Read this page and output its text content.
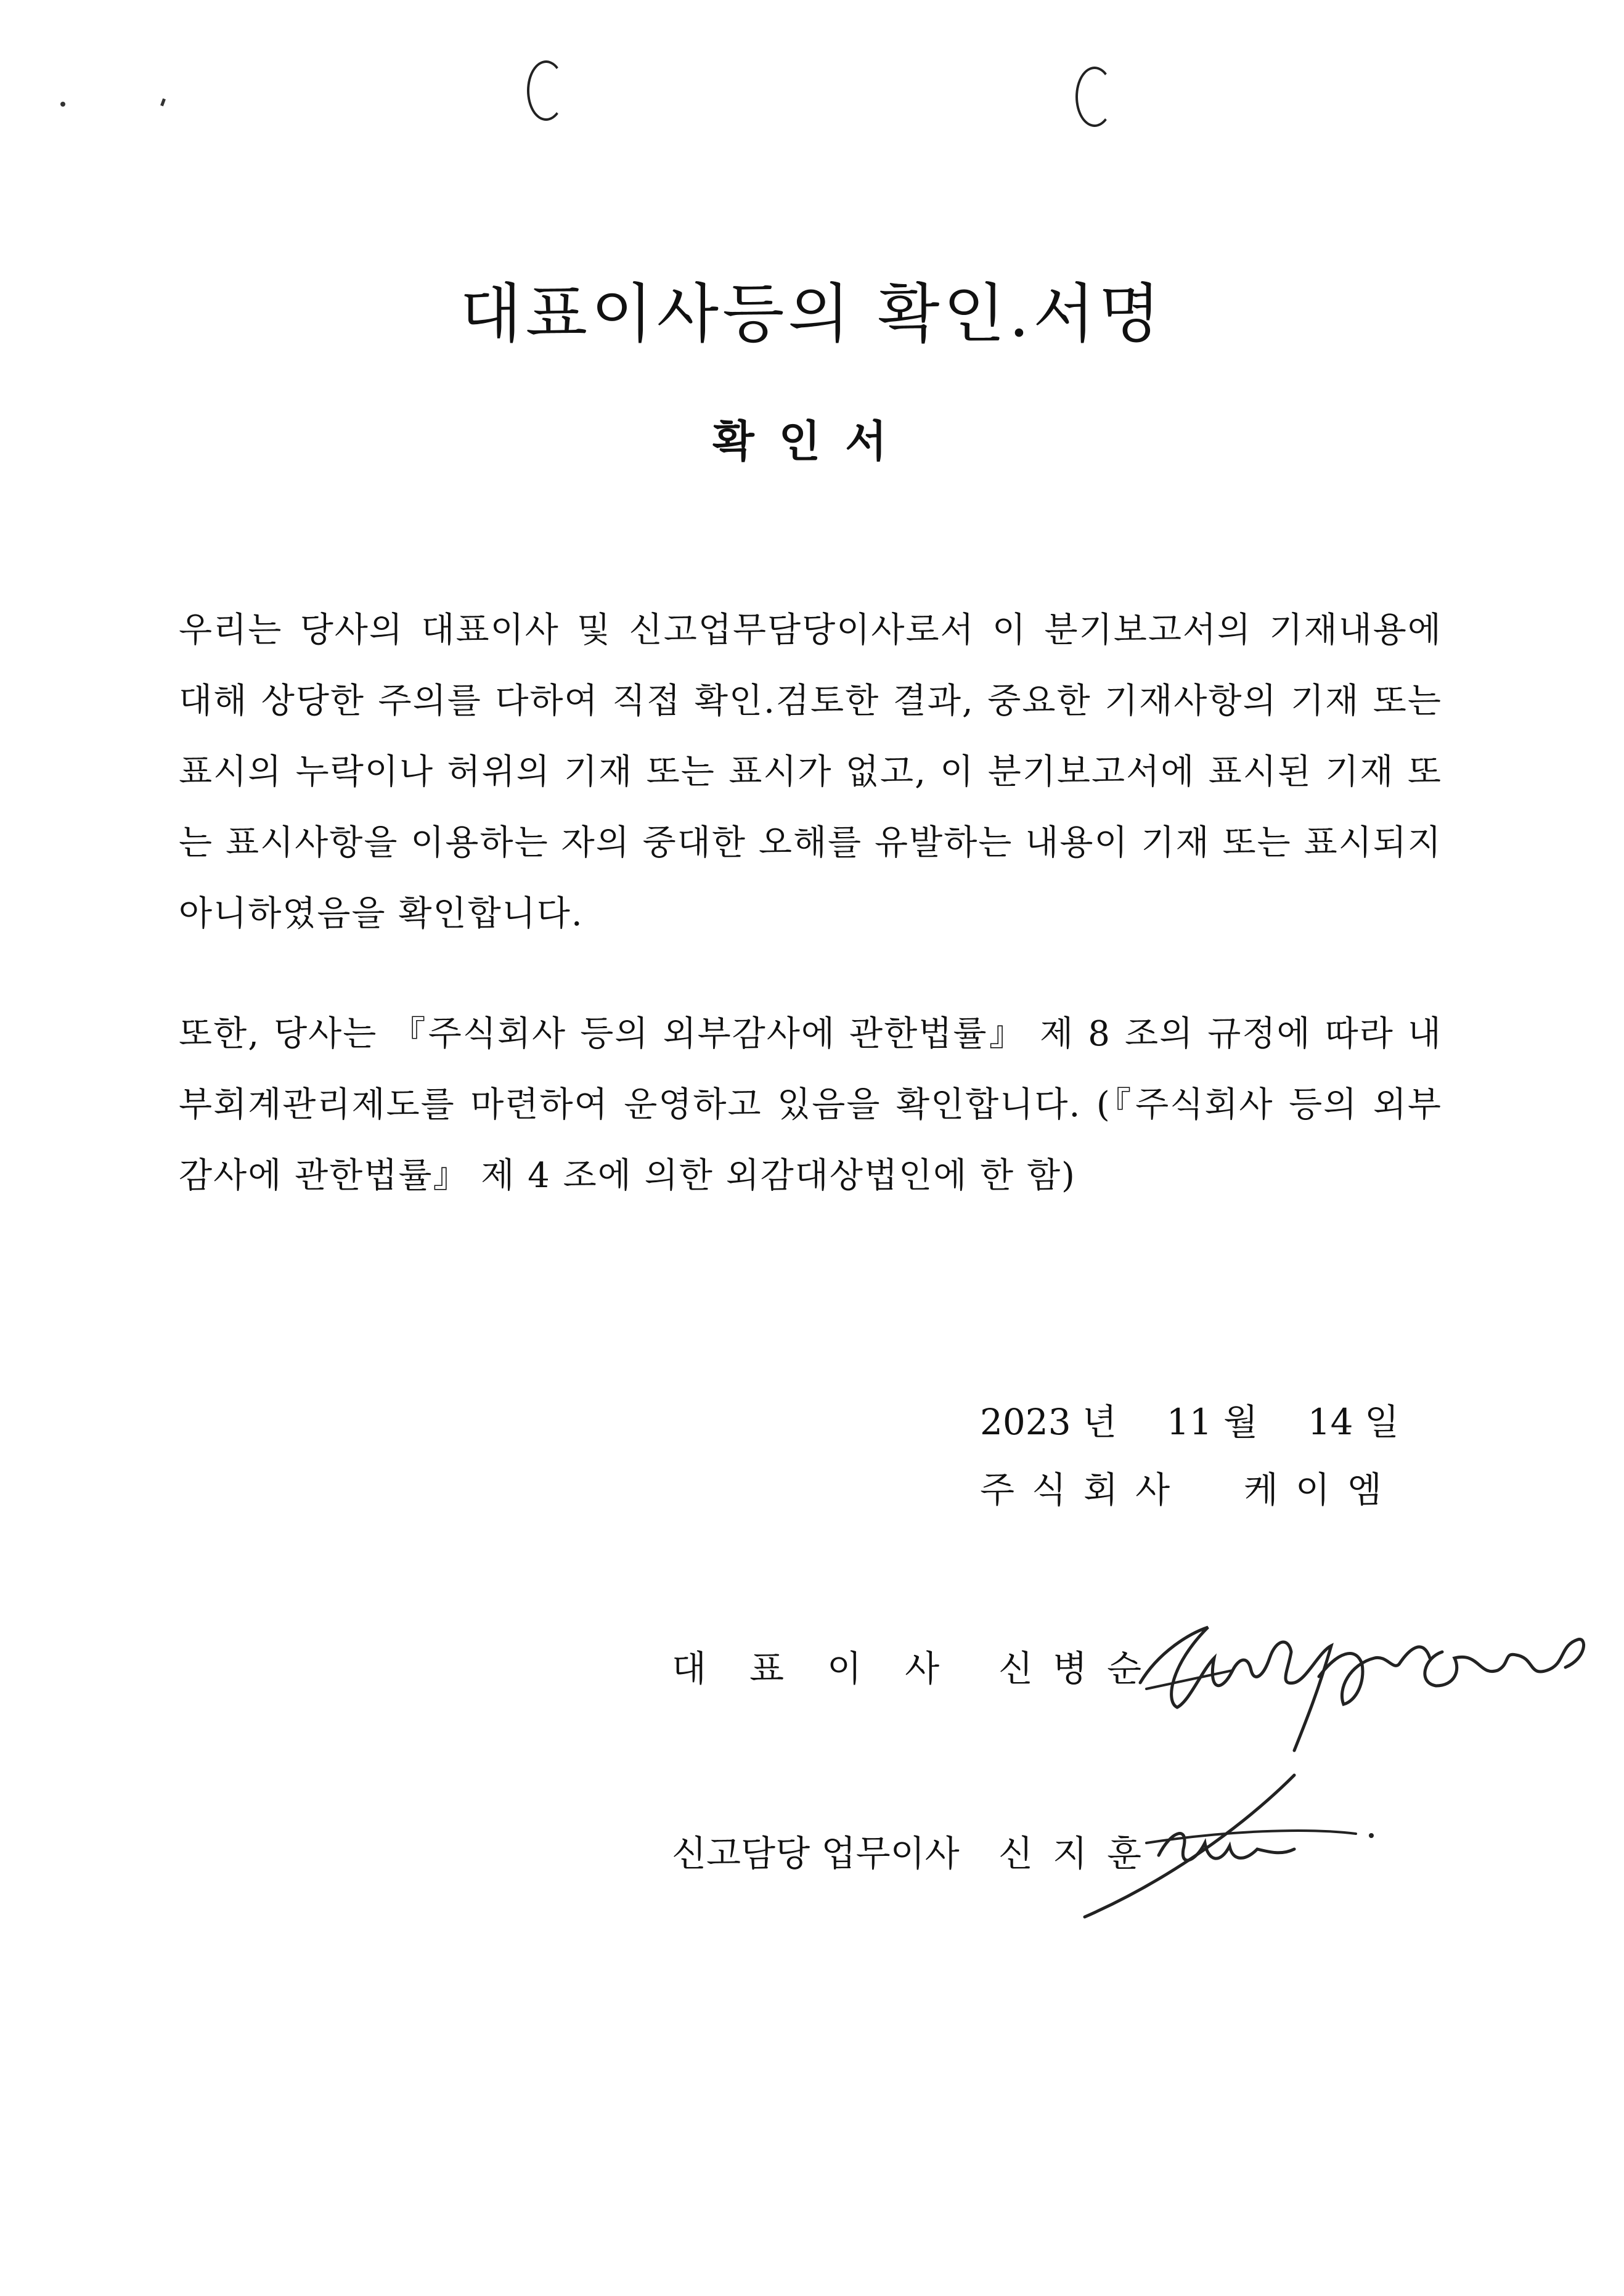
대표이사등의 확인.서명
확인서

우리는 당사의 대표이사 및 신고업무담당이사로서 이 분기보고서의 기재내용에 대해 상당한 주의를 다하여 직접 확인.검토한 결과, 중요한 기재사항의 기재 또는 표시의 누락이나 허위의 기재 또는 표시가 없고, 이 분기보고서에 표시된 기재 또는 표시사항을 이용하는 자의 중대한 오해를 유발하는 내용이 기재 또는 표시되지 아니하였음을 확인합니다.

또한, 당사는 『주식회사 등의 외부감사에 관한법률』 제 8 조의 규정에 따라 내부회계관리제도를 마련하여 운영하고 있음을 확인합니다. (『주식회사 등의 외부감사에 관한법률』 제 4 조에 의한 외감대상법인에 한 함)

2023 년 11 월 14 일
주식회사 케이엠
대표이사 신병순
신고담당 업무이사	신지훈
